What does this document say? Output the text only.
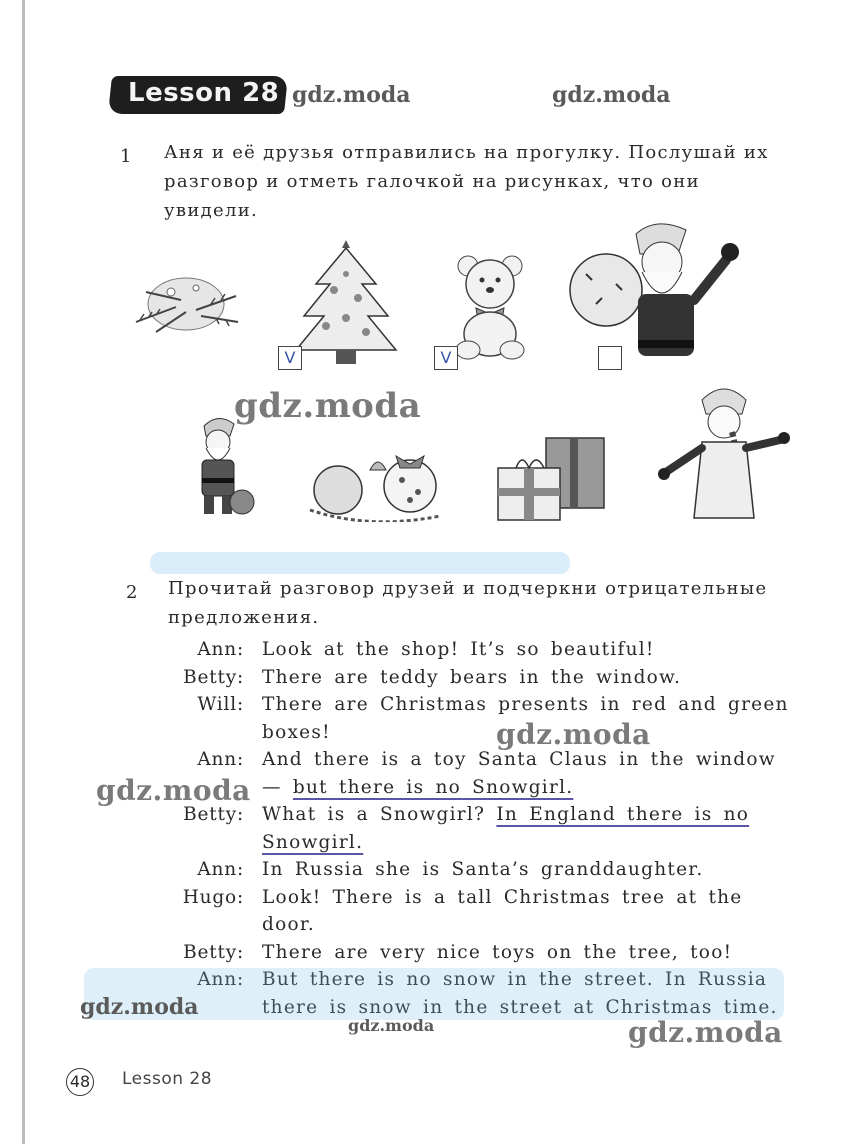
Lesson 28 gdz.moda	gdz.moda
1 Аня и её друзья отправились на прогулку. Послушай их разговор и отметь галочкой на рисунках, что они увидели.
V	V
gdz.moda
2 Прочитай разговор друзей и подчеркни отрицательные предложения.
Ann: Look at the shop! It’s so beautiful!
Betty: There are teddy bears in the window.
Will: There are Christmas presents in red and green boxes!
Ann: And there is a toy Santa Claus in the window — but there is no Snowgirl.
Betty: What is a Snowgirl? In England there is no Snowgirl.
Ann: In Russia she is Santa’s granddaughter.
Hugo: Look! There is a tall Christmas tree at the door.
Betty: There are very nice toys on the tree, too!
Ann: But there is no snow in the street. In Russia there is snow in the street at Christmas time.
gdz.moda
gdz.moda
gdz.moda
gdz.moda	gdz.moda
48 Lesson 28
